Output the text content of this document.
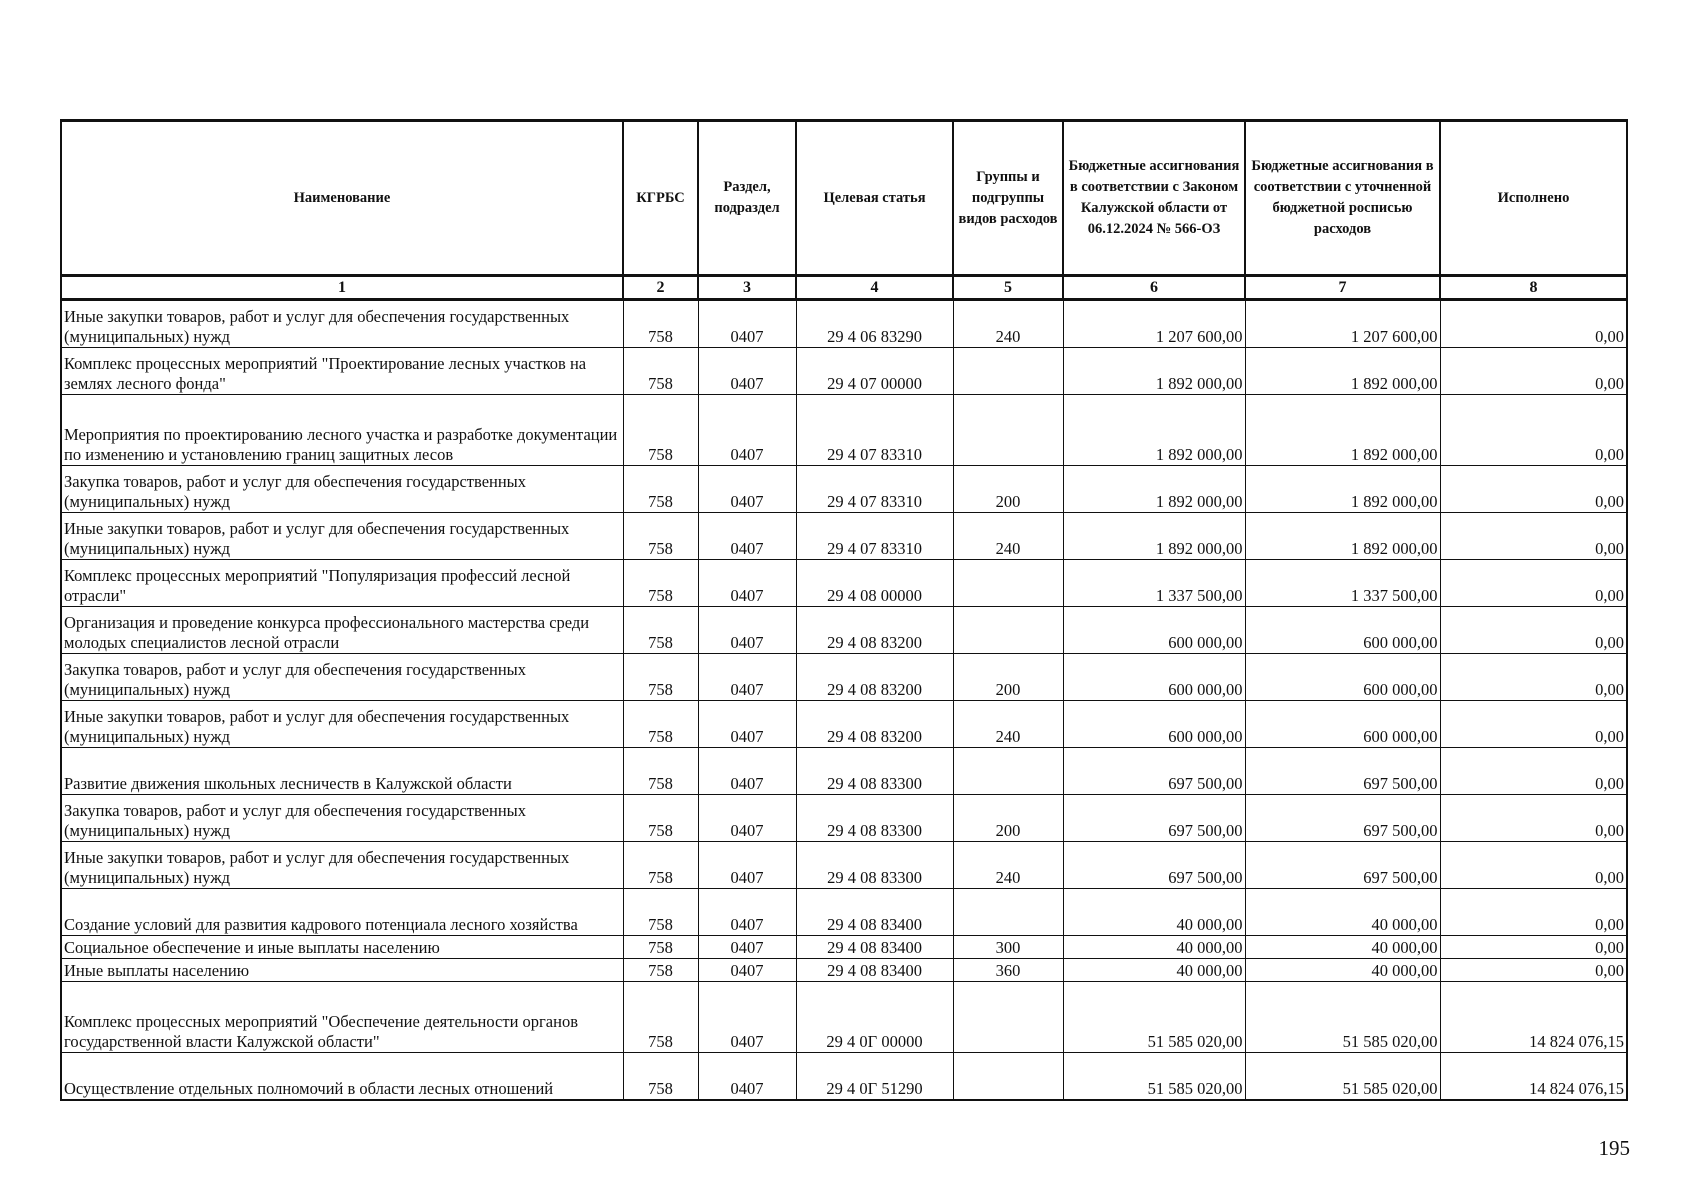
Наименование	КГРБС	Раздел, подраздел	Целевая статья	Группы и подгруппы видов расходов	Бюджетные ассигнования в соответствии с Законом Калужской области от 06.12.2024 № 566-ОЗ	Бюджетные ассигнования в соответствии с уточненной бюджетной росписью расходов	Исполнено
1	2	3	4	5	6	7	8
Иные закупки товаров, работ и услуг для обеспечения государственных (муниципальных) нужд	758	0407	29 4 06 83290	240	1 207 600,00	1 207 600,00	0,00
Комплекс процессных мероприятий "Проектирование лесных участков на землях лесного фонда"	758	0407	29 4 07 00000		1 892 000,00	1 892 000,00	0,00
Мероприятия по проектированию лесного участка и разработке документации по изменению и установлению границ защитных лесов	758	0407	29 4 07 83310		1 892 000,00	1 892 000,00	0,00
Закупка товаров, работ и услуг для обеспечения государственных (муниципальных) нужд	758	0407	29 4 07 83310	200	1 892 000,00	1 892 000,00	0,00
Иные закупки товаров, работ и услуг для обеспечения государственных (муниципальных) нужд	758	0407	29 4 07 83310	240	1 892 000,00	1 892 000,00	0,00
Комплекс процессных мероприятий "Популяризация профессий лесной отрасли"	758	0407	29 4 08 00000		1 337 500,00	1 337 500,00	0,00
Организация и проведение конкурса профессионального мастерства среди молодых специалистов лесной отрасли	758	0407	29 4 08 83200		600 000,00	600 000,00	0,00
Закупка товаров, работ и услуг для обеспечения государственных (муниципальных) нужд	758	0407	29 4 08 83200	200	600 000,00	600 000,00	0,00
Иные закупки товаров, работ и услуг для обеспечения государственных (муниципальных) нужд	758	0407	29 4 08 83200	240	600 000,00	600 000,00	0,00
Развитие движения школьных лесничеств в Калужской области	758	0407	29 4 08 83300		697 500,00	697 500,00	0,00
Закупка товаров, работ и услуг для обеспечения государственных (муниципальных) нужд	758	0407	29 4 08 83300	200	697 500,00	697 500,00	0,00
Иные закупки товаров, работ и услуг для обеспечения государственных (муниципальных) нужд	758	0407	29 4 08 83300	240	697 500,00	697 500,00	0,00
Создание условий для развития кадрового потенциала лесного хозяйства	758	0407	29 4 08 83400		40 000,00	40 000,00	0,00
Социальное обеспечение и иные выплаты населению	758	0407	29 4 08 83400	300	40 000,00	40 000,00	0,00
Иные выплаты населению	758	0407	29 4 08 83400	360	40 000,00	40 000,00	0,00
Комплекс процессных мероприятий "Обеспечение деятельности органов государственной власти Калужской области"	758	0407	29 4 0Г 00000		51 585 020,00	51 585 020,00	14 824 076,15
Осуществление отдельных полномочий в области лесных отношений	758	0407	29 4 0Г 51290		51 585 020,00	51 585 020,00	14 824 076,15
195
